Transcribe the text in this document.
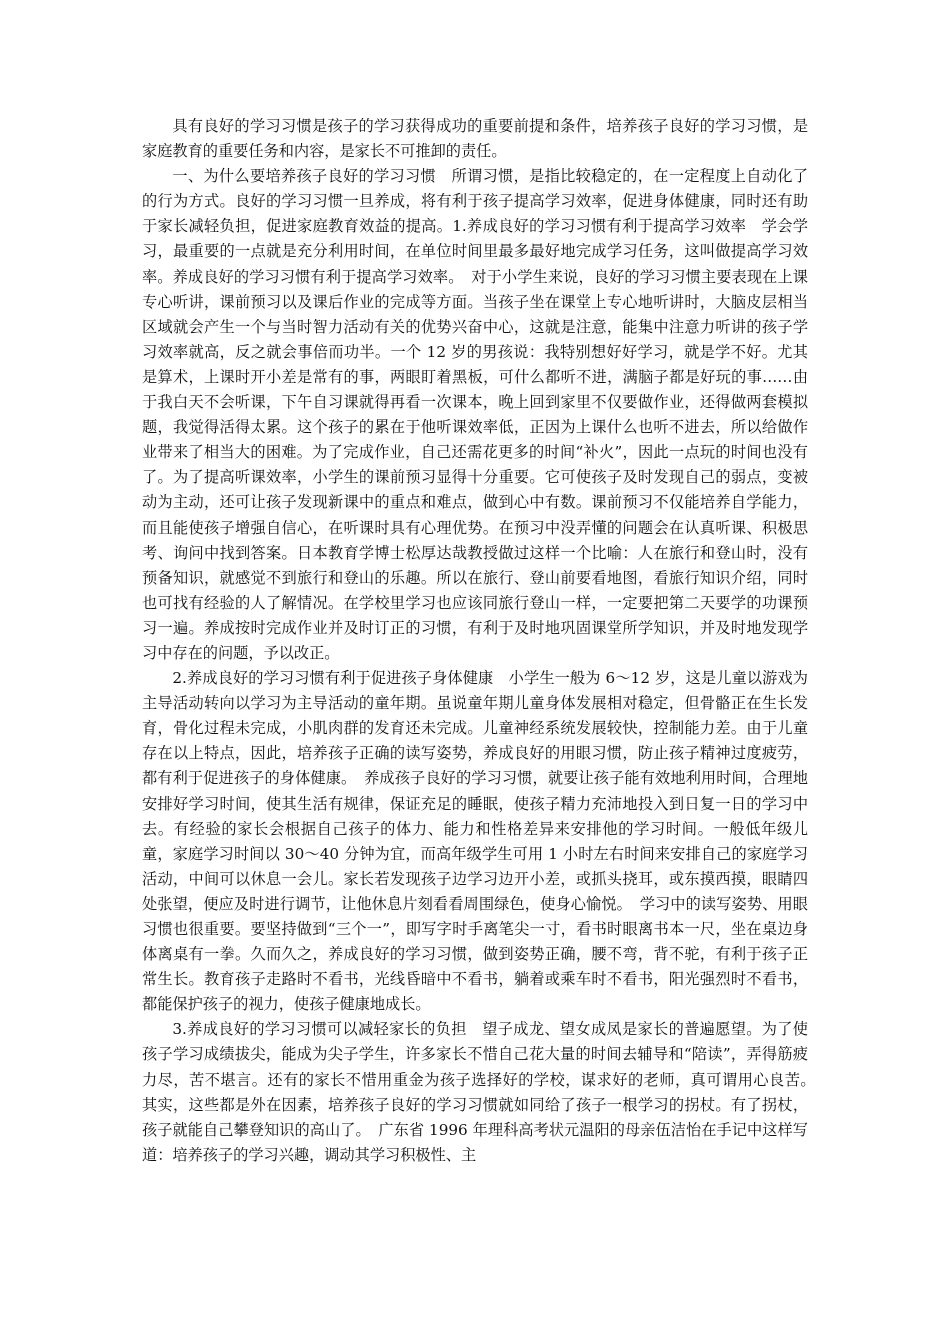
具有良好的学习习惯是孩子的学习获得成功的重要前提和条件，培养孩子良好的学习习惯，是家庭教育的重要任务和内容，是家长不可推卸的责任。

一、为什么要培养孩子良好的学习习惯　所谓习惯，是指比较稳定的，在一定程度上自动化了的行为方式。良好的学习习惯一旦养成，将有利于孩子提高学习效率，促进身体健康，同时还有助于家长减轻负担，促进家庭教育效益的提高。1.养成良好的学习习惯有利于提高学习效率　学会学习，最重要的一点就是充分利用时间，在单位时间里最多最好地完成学习任务，这叫做提高学习效率。养成良好的学习习惯有利于提高学习效率。　对于小学生来说，良好的学习习惯主要表现在上课专心听讲，课前预习以及课后作业的完成等方面。当孩子坐在课堂上专心地听讲时，大脑皮层相当区域就会产生一个与当时智力活动有关的优势兴奋中心，这就是注意，能集中注意力听讲的孩子学习效率就高，反之就会事倍而功半。一个 12 岁的男孩说：我特别想好好学习，就是学不好。尤其是算术，上课时开小差是常有的事，两眼盯着黑板，可什么都听不进，满脑子都是好玩的事……由于我白天不会听课，下午自习课就得再看一次课本，晚上回到家里不仅要做作业，还得做两套模拟题，我觉得活得太累。这个孩子的累在于他听课效率低，正因为上课什么也听不进去，所以给做作业带来了相当大的困难。为了完成作业，自己还需花更多的时间“补火”，因此一点玩的时间也没有了。为了提高听课效率，小学生的课前预习显得十分重要。它可使孩子及时发现自己的弱点，变被动为主动，还可让孩子发现新课中的重点和难点，做到心中有数。课前预习不仅能培养自学能力，而且能使孩子增强自信心，在听课时具有心理优势。在预习中没弄懂的问题会在认真听课、积极思考、询问中找到答案。日本教育学博士松厚达哉教授做过这样一个比喻：人在旅行和登山时，没有预备知识，就感觉不到旅行和登山的乐趣。所以在旅行、登山前要看地图，看旅行知识介绍，同时也可找有经验的人了解情况。在学校里学习也应该同旅行登山一样，一定要把第二天要学的功课预习一遍。养成按时完成作业并及时订正的习惯，有利于及时地巩固课堂所学知识，并及时地发现学习中存在的问题，予以改正。

2.养成良好的学习习惯有利于促进孩子身体健康　小学生一般为 6～12 岁，这是儿童以游戏为主导活动转向以学习为主导活动的童年期。虽说童年期儿童身体发展相对稳定，但骨骼正在生长发育，骨化过程未完成，小肌肉群的发育还未完成。儿童神经系统发展较快，控制能力差。由于儿童存在以上特点，因此，培养孩子正确的读写姿势，养成良好的用眼习惯，防止孩子精神过度疲劳，都有利于促进孩子的身体健康。　养成孩子良好的学习习惯，就要让孩子能有效地利用时间，合理地安排好学习时间，使其生活有规律，保证充足的睡眠，使孩子精力充沛地投入到日复一日的学习中去。有经验的家长会根据自己孩子的体力、能力和性格差异来安排他的学习时间。一般低年级儿童，家庭学习时间以 30～40 分钟为宜，而高年级学生可用 1 小时左右时间来安排自己的家庭学习活动，中间可以休息一会儿。家长若发现孩子边学习边开小差，或抓头挠耳，或东摸西摸，眼睛四处张望，便应及时进行调节，让他休息片刻看看周围绿色，使身心愉悦。　学习中的读写姿势、用眼习惯也很重要。要坚持做到“三个一”，即写字时手离笔尖一寸，看书时眼离书本一尺，坐在桌边身体离桌有一拳。久而久之，养成良好的学习习惯，做到姿势正确，腰不弯，背不驼，有利于孩子正常生长。教育孩子走路时不看书，光线昏暗中不看书，躺着或乘车时不看书，阳光强烈时不看书，都能保护孩子的视力，使孩子健康地成长。

3.养成良好的学习习惯可以减轻家长的负担　望子成龙、望女成凤是家长的普遍愿望。为了使孩子学习成绩拔尖，能成为尖子学生，许多家长不惜自己花大量的时间去辅导和“陪读”，弄得筋疲力尽，苦不堪言。还有的家长不惜用重金为孩子选择好的学校，谋求好的老师，真可谓用心良苦。　其实，这些都是外在因素，培养孩子良好的学习习惯就如同给了孩子一根学习的拐杖。有了拐杖，孩子就能自己攀登知识的高山了。　广东省 1996 年理科高考状元温阳的母亲伍洁怡在手记中这样写道：培养孩子的学习兴趣，调动其学习积极性、主
